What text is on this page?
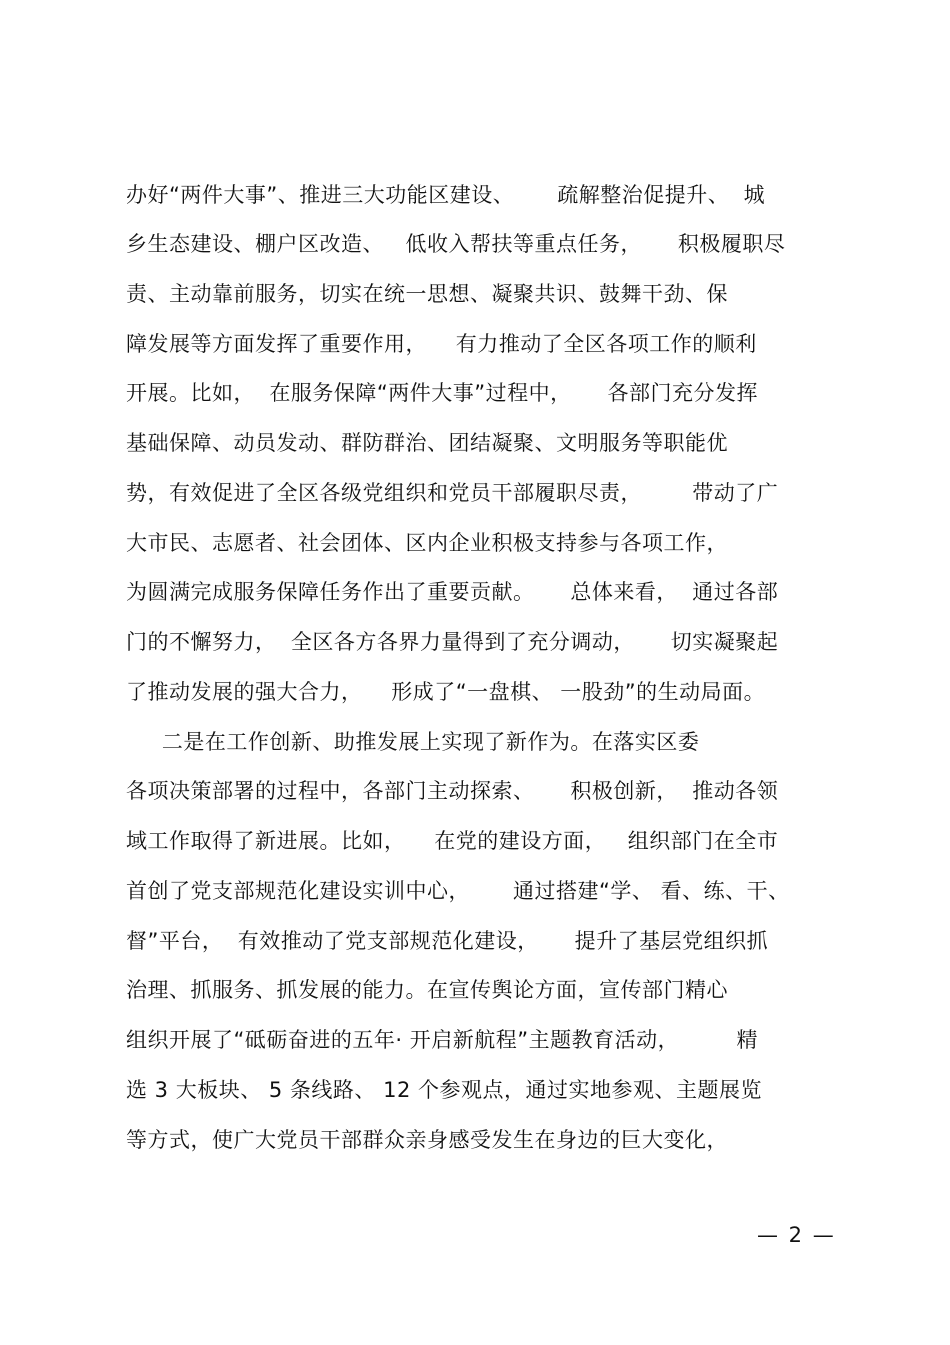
办好“两件大事”、推进三大功能区建设、      疏解整治促提升、  城
乡生态建设、棚户区改造、   低收入帮扶等重点任务，     积极履职尽
责、主动靠前服务，切实在统一思想、凝聚共识、鼓舞干劲、保
障发展等方面发挥了重要作用，    有力推动了全区各项工作的顺利
开展。比如，  在服务保障“两件大事”过程中，     各部门充分发挥
基础保障、动员发动、群防群治、团结凝聚、文明服务等职能优
势，有效促进了全区各级党组织和党员干部履职尽责，       带动了广
大市民、志愿者、社会团体、区内企业积极支持参与各项工作，
为圆满完成服务保障任务作出了重要贡献。     总体来看，  通过各部
门的不懈努力，  全区各方各界力量得到了充分调动，     切实凝聚起
了推动发展的强大合力，    形成了“一盘棋、 一股劲”的生动局面。
二是在工作创新、助推发展上实现了新作为。在落实区委
各项决策部署的过程中，各部门主动探索、     积极创新，  推动各领
域工作取得了新进展。比如，    在党的建设方面，   组织部门在全市
首创了党支部规范化建设实训中心，      通过搭建“学、 看、练、干、
督”平台，  有效推动了党支部规范化建设，     提升了基层党组织抓
治理、抓服务、抓发展的能力。在宣传舆论方面，宣传部门精心
组织开展了“砥砺奋进的五年· 开启新航程”主题教育活动，        精
选 3 大板块、 5 条线路、 12 个参观点，通过实地参观、主题展览
等方式，使广大党员干部群众亲身感受发生在身边的巨大变化，
— 2 —
